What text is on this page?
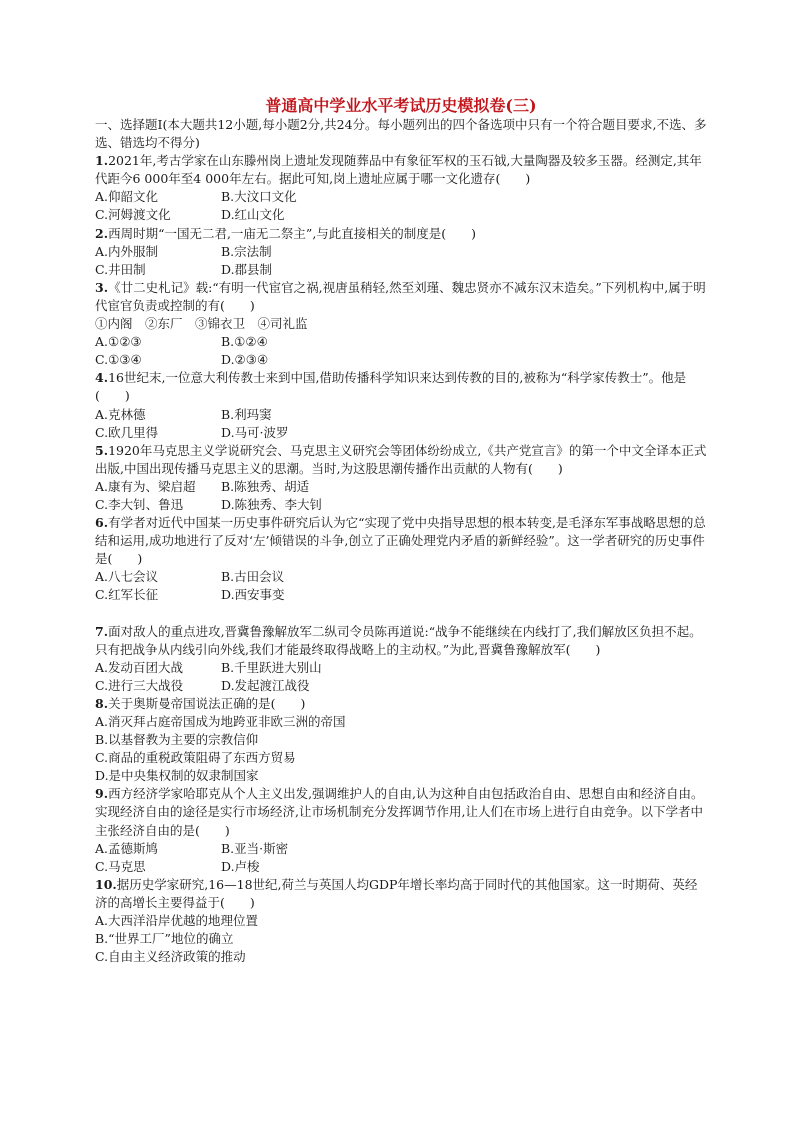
普通高中学业水平考试历史模拟卷(三)
一、选择题Ⅰ(本大题共12小题,每小题2分,共24分。每小题列出的四个备选项中只有一个符合题目要求,不选、多选、错选均不得分)
1.2021年,考古学家在山东滕州岗上遗址发现随葬品中有象征军权的玉石钺,大量陶器及较多玉器。经测定,其年代距今6 000年至4 000年左右。据此可知,岗上遗址应属于哪一文化遗存(　　)
A.仰韶文化	B.大汶口文化
C.河姆渡文化	D.红山文化
2.西周时期“一国无二君,一庙无二祭主”,与此直接相关的制度是(　　)
A.内外服制	B.宗法制
C.井田制	D.郡县制
3.《廿二史札记》载:“有明一代宦官之祸,视唐虽稍轻,然至刘瑾、魏忠贤亦不减东汉末造矣。”下列机构中,属于明代宦官负责或控制的有(　　)
①内阁　②东厂　③锦衣卫　④司礼监
A.①②③	B.①②④
C.①③④	D.②③④
4.16世纪末,一位意大利传教士来到中国,借助传播科学知识来达到传教的目的,被称为“科学家传教士”。他是(　　)
A.克林德	B.利玛窦
C.欧几里得	D.马可·波罗
5.1920年马克思主义学说研究会、马克思主义研究会等团体纷纷成立,《共产党宣言》的第一个中文全译本正式出版,中国出现传播马克思主义的思潮。当时,为这股思潮传播作出贡献的人物有(　　)
A.康有为、梁启超	B.陈独秀、胡适
C.李大钊、鲁迅	D.陈独秀、李大钊
6.有学者对近代中国某一历史事件研究后认为它“实现了党中央指导思想的根本转变,是毛泽东军事战略思想的总结和运用,成功地进行了反对‘左’倾错误的斗争,创立了正确处理党内矛盾的新鲜经验”。这一学者研究的历史事件是(　　)
A.八七会议	B.古田会议
C.红军长征	D.西安事变
7.面对敌人的重点进攻,晋冀鲁豫解放军二纵司令员陈再道说:“战争不能继续在内线打了,我们解放区负担不起。只有把战争从内线引向外线,我们才能最终取得战略上的主动权。”为此,晋冀鲁豫解放军(　　)
A.发动百团大战	B.千里跃进大别山
C.进行三大战役	D.发起渡江战役
8.关于奥斯曼帝国说法正确的是(　　)
A.消灭拜占庭帝国成为地跨亚非欧三洲的帝国
B.以基督教为主要的宗教信仰
C.商品的重税政策阻碍了东西方贸易
D.是中央集权制的奴隶制国家
9.西方经济学家哈耶克从个人主义出发,强调维护人的自由,认为这种自由包括政治自由、思想自由和经济自由。实现经济自由的途径是实行市场经济,让市场机制充分发挥调节作用,让人们在市场上进行自由竞争。以下学者中主张经济自由的是(　　)
A.孟德斯鸠	B.亚当·斯密
C.马克思	D.卢梭
10.据历史学家研究,16—18世纪,荷兰与英国人均GDP年增长率均高于同时代的其他国家。这一时期荷、英经济的高增长主要得益于(　　)
A.大西洋沿岸优越的地理位置
B.“世界工厂”地位的确立
C.自由主义经济政策的推动
